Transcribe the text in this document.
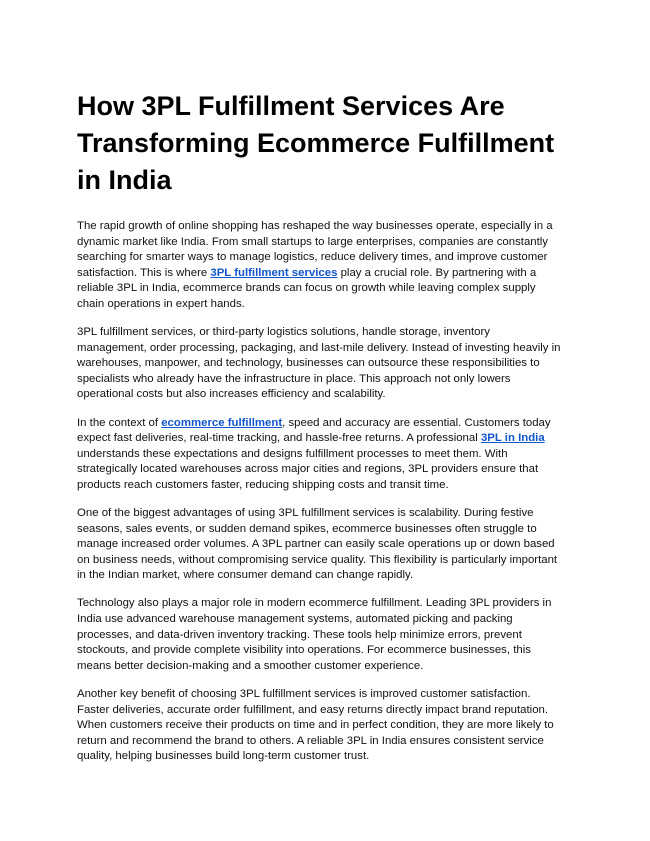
How 3PL Fulfillment Services Are
Transforming Ecommerce Fulfillment
in India

The rapid growth of online shopping has reshaped the way businesses operate, especially in a
dynamic market like India. From small startups to large enterprises, companies are constantly
searching for smarter ways to manage logistics, reduce delivery times, and improve customer
satisfaction. This is where 3PL fulfillment services play a crucial role. By partnering with a
reliable 3PL in India, ecommerce brands can focus on growth while leaving complex supply
chain operations in expert hands.

3PL fulfillment services, or third-party logistics solutions, handle storage, inventory
management, order processing, packaging, and last-mile delivery. Instead of investing heavily in
warehouses, manpower, and technology, businesses can outsource these responsibilities to
specialists who already have the infrastructure in place. This approach not only lowers
operational costs but also increases efficiency and scalability.

In the context of ecommerce fulfillment, speed and accuracy are essential. Customers today
expect fast deliveries, real-time tracking, and hassle-free returns. A professional 3PL in India
understands these expectations and designs fulfillment processes to meet them. With
strategically located warehouses across major cities and regions, 3PL providers ensure that
products reach customers faster, reducing shipping costs and transit time.

One of the biggest advantages of using 3PL fulfillment services is scalability. During festive
seasons, sales events, or sudden demand spikes, ecommerce businesses often struggle to
manage increased order volumes. A 3PL partner can easily scale operations up or down based
on business needs, without compromising service quality. This flexibility is particularly important
in the Indian market, where consumer demand can change rapidly.

Technology also plays a major role in modern ecommerce fulfillment. Leading 3PL providers in
India use advanced warehouse management systems, automated picking and packing
processes, and data-driven inventory tracking. These tools help minimize errors, prevent
stockouts, and provide complete visibility into operations. For ecommerce businesses, this
means better decision-making and a smoother customer experience.

Another key benefit of choosing 3PL fulfillment services is improved customer satisfaction.
Faster deliveries, accurate order fulfillment, and easy returns directly impact brand reputation.
When customers receive their products on time and in perfect condition, they are more likely to
return and recommend the brand to others. A reliable 3PL in India ensures consistent service
quality, helping businesses build long-term customer trust.
